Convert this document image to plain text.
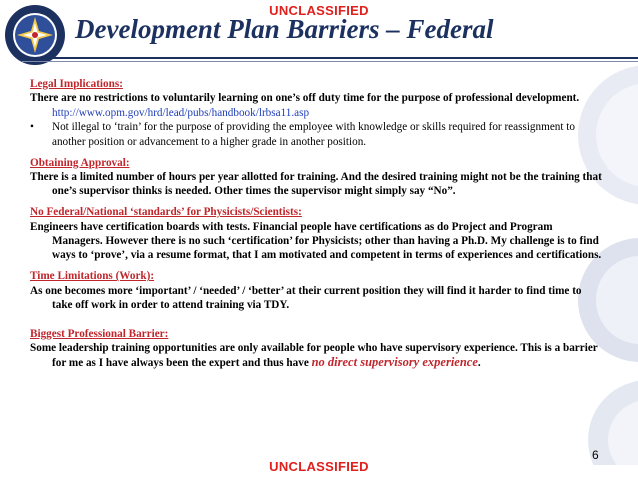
UNCLASSIFIED
Development Plan Barriers – Federal
Legal Implications:
There are no restrictions to voluntarily learning on one’s off duty time for the purpose of professional development. http://www.opm.gov/hrd/lead/pubs/handbook/lrbsa11.asp
•	Not illegal to ‘train’ for the purpose of providing the employee with knowledge or skills required for reassignment to another position or advancement to a higher grade in another position.
Obtaining Approval:
There is a limited number of hours per year allotted for training. And the desired training might not be the training that one’s supervisor thinks is needed. Other times the supervisor might simply say “No”.
No Federal/National ‘standards’ for Physicists/Scientists:
Engineers have certification boards with tests. Financial people have certifications as do Project and Program Managers. However there is no such ‘certification’ for Physicists; other than having a Ph.D. My challenge is to find ways to ‘prove’, via a resume format, that I am motivated and competent in terms of experiences and certifications.
Time Limitations (Work):
As one becomes more ‘important’ / ‘needed’ / ‘better’ at their current position they will find it harder to find time to take off work in order to attend training via TDY.
Biggest Professional Barrier:
Some leadership training opportunities are only available for people who have supervisory experience. This is a barrier for me as I have always been the expert and thus have no direct supervisory experience.
6
UNCLASSIFIED
